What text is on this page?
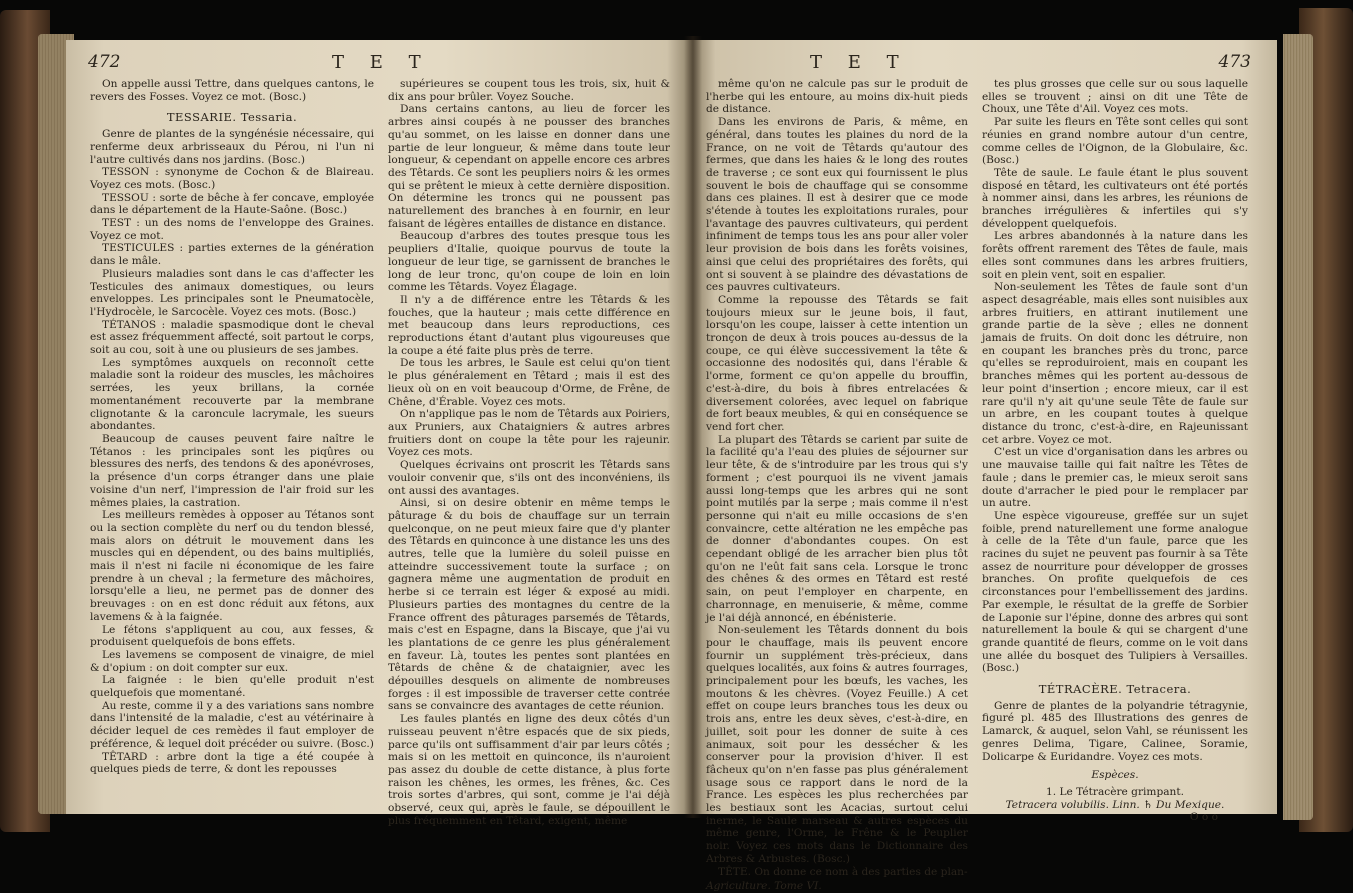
472	T E T

On appelle aussi Tettre, dans quelques cantons, le revers des Fosses. Voyez ce mot. (Bosc.)

TESSARIE. Tessaria.

Genre de plantes de la syngénésie nécessaire, qui renferme deux arbrisseaux du Pérou, ni l'un ni l'autre cultivés dans nos jardins. (Bosc.)

TESSON : synonyme de Cochon & de Blaireau. Voyez ces mots. (Bosc.)

TESSOU : sorte de bêche à fer concave, employée dans le département de la Haute-Saône. (Bosc.)

TEST : un des noms de l'enveloppe des Graines. Voyez ce mot.

TESTICULES : parties externes de la génération dans le mâle.

Plusieurs maladies sont dans le cas d'affecter les Testicules des animaux domestiques, ou leurs enveloppes. Les principales sont le Pneumatocèle, l'Hydrocèle, le Sarcocèle. Voyez ces mots. (Bosc.)

TÉTANOS : maladie spasmodique dont le cheval est assez fréquemment affecté, soit partout le corps, soit au cou, soit à une ou plusieurs de ses jambes.

Les symptômes auxquels on reconnoît cette maladie sont la roideur des muscles, les mâchoires serrées, les yeux brillans, la cornée momentanément recouverte par la membrane clignotante & la caroncule lacrymale, les sueurs abondantes.

Beaucoup de causes peuvent faire naître le Tétanos : les principales sont les piqûres ou blessures des nerfs, des tendons & des aponévroses, la présence d'un corps étranger dans une plaie voisine d'un nerf, l'impression de l'air froid sur les mêmes plaies, la castration.

Les meilleurs remèdes à opposer au Tétanos sont ou la section complète du nerf ou du tendon blessé, mais alors on détruit le mouvement dans les muscles qui en dépendent, ou des bains multipliés, mais il n'est ni facile ni économique de les faire prendre à un cheval ; la fermeture des mâchoires, lorsqu'elle a lieu, ne permet pas de donner des breuvages : on en est donc réduit aux fétons, aux lavemens & à la faignée.

Le fétons s'appliquent au cou, aux fesses, & produisent quelquefois de bons effets.

Les lavemens se composent de vinaigre, de miel & d'opium : on doit compter sur eux.

La faignée : le bien qu'elle produit n'est quelquefois que momentané.

Au reste, comme il y a des variations sans nombre dans l'intensité de la maladie, c'est au vétérinaire à décider lequel de ces remèdes il faut employer de préférence, & lequel doit précéder ou suivre. (Bosc.)

TÊTARD : arbre dont la tige a été coupée à quelques pieds de terre, & dont les repousses

supérieures se coupent tous les trois, six, huit & dix ans pour brûler. Voyez Souche.

Dans certains cantons, au lieu de forcer les arbres ainsi coupés à ne pousser des branches qu'au sommet, on les laisse en donner dans une partie de leur longueur, & même dans toute leur longueur, & cependant on appelle encore ces arbres des Têtards. Ce sont les peupliers noirs & les ormes qui se prêtent le mieux à cette dernière disposition. On détermine les troncs qui ne poussent pas naturellement des branches à en fournir, en leur faisant de légères entailles de distance en distance.

Beaucoup d'arbres des toutes presque tous les peupliers d'Italie, quoique pourvus de toute la longueur de leur tige, se garnissent de branches le long de leur tronc, qu'on coupe de loin en loin comme les Têtards. Voyez Élagage.

Il n'y a de différence entre les Têtards & les fouches, que la hauteur ; mais cette différence en met beaucoup dans leurs reproductions, ces reproductions étant d'autant plus vigoureuses que la coupe a été faite plus près de terre.

De tous les arbres, le Saule est celui qu'on tient le plus généralement en Têtard ; mais il est des lieux où on en voit beaucoup d'Orme, de Frêne, de Chêne, d'Érable. Voyez ces mots.

On n'applique pas le nom de Têtards aux Poiriers, aux Pruniers, aux Chataigniers & autres arbres fruitiers dont on coupe la tête pour les rajeunir. Voyez ces mots.

Quelques écrivains ont proscrit les Têtards sans vouloir convenir que, s'ils ont des inconvéniens, ils ont aussi des avantages.

Ainsi, si on desire obtenir en même temps le pâturage & du bois de chauffage sur un terrain quelconque, on ne peut mieux faire que d'y planter des Têtards en quinconce à une distance les uns des autres, telle que la lumière du soleil puisse en atteindre successivement toute la surface ; on gagnera même une augmentation de produit en herbe si ce terrain est léger & exposé au midi. Plusieurs parties des montagnes du centre de la France offrent des pâturages parsemés de Têtards, mais c'est en Espagne, dans la Biscaye, que j'ai vu les plantations de ce genre les plus généralement en faveur. Là, toutes les pentes sont plantées en Têtards de chêne & de chataignier, avec les dépouilles desquels on alimente de nombreuses forges : il est impossible de traverser cette contrée sans se convaincre des avantages de cette réunion.

Les faules plantés en ligne des deux côtés d'un ruisseau peuvent n'être espacés que de six pieds, parce qu'ils ont suffisamment d'air par leurs côtés ; mais si on les mettoit en quinconce, ils n'auroient pas assez du double de cette distance, à plus forte raison les chênes, les ormes, les frênes, &c. Ces trois sortes d'arbres, qui sont, comme je l'ai déjà observé, ceux qui, après le faule, se dépouillent le plus fréquemment en Têtard, exigent, même

T E T	473

même qu'on ne calcule pas sur le produit de l'herbe qui les entoure, au moins dix-huit pieds de distance.

Dans les environs de Paris, & même, en général, dans toutes les plaines du nord de la France, on ne voit de Têtards qu'autour des fermes, que dans les haies & le long des routes de traverse ; ce sont eux qui fournissent le plus souvent le bois de chauffage qui se consomme dans ces plaines. Il est à desirer que ce mode s'étende à toutes les exploitations rurales, pour l'avantage des pauvres cultivateurs, qui perdent infiniment de temps tous les ans pour aller voler leur provision de bois dans les forêts voisines, ainsi que celui des propriétaires des forêts, qui ont si souvent à se plaindre des dévastations de ces pauvres cultivateurs.

Comme la repousse des Têtards se fait toujours mieux sur le jeune bois, il faut, lorsqu'on les coupe, laisser à cette intention un tronçon de deux à trois pouces au-dessus de la coupe, ce qui élève successivement la tête & occasionne des nodosités qui, dans l'érable & l'orme, forment ce qu'on appelle du brouffin, c'est-à-dire, du bois à fibres entrelacées & diversement colorées, avec lequel on fabrique de fort beaux meubles, & qui en conséquence se vend fort cher.

La plupart des Têtards se carient par suite de la facilité qu'a l'eau des pluies de séjourner sur leur tête, & de s'introduire par les trous qui s'y forment ; c'est pourquoi ils ne vivent jamais aussi long-temps que les arbres qui ne sont point mutilés par la serpe ; mais comme il n'est personne qui n'ait eu mille occasions de s'en convaincre, cette altération ne les empêche pas de donner d'abondantes coupes. On est cependant obligé de les arracher bien plus tôt qu'on ne l'eût fait sans cela. Lorsque le tronc des chênes & des ormes en Têtard est resté sain, on peut l'employer en charpente, en charronnage, en menuiserie, & même, comme je l'ai déjà annoncé, en ébénisterie.

Non-seulement les Têtards donnent du bois pour le chauffage, mais ils peuvent encore fournir un supplément très-précieux, dans quelques localités, aux foins & autres fourrages, principalement pour les bœufs, les vaches, les moutons & les chèvres. (Voyez Feuille.) A cet effet on coupe leurs branches tous les deux ou trois ans, entre les deux sèves, c'est-à-dire, en juillet, soit pour les donner de suite à ces animaux, soit pour les dessécher & les conserver pour la provision d'hiver. Il est fâcheux qu'on n'en fasse pas plus généralement usage sous ce rapport dans le nord de la France. Les espèces les plus recherchées par les bestiaux sont les Acacias, surtout celui inerme, le Saule marseau & autres espèces du même genre, l'Orme, le Frêne & le Peuplier noir. Voyez ces mots dans le Dictionnaire des Arbres & Arbustes. (Bosc.)

TÊTE. On donne ce nom à des parties de plan-

Agriculture. Tome VI.

tes plus grosses que celle sur ou sous laquelle elles se trouvent ; ainsi on dit une Tête de Choux, une Tête d'Ail. Voyez ces mots.

Par suite les fleurs en Tête sont celles qui sont réunies en grand nombre autour d'un centre, comme celles de l'Oignon, de la Globulaire, &c. (Bosc.)

Tête de saule. Le faule étant le plus souvent disposé en têtard, les cultivateurs ont été portés à nommer ainsi, dans les arbres, les réunions de branches irrégulières & infertiles qui s'y développent quelquefois.

Les arbres abandonnés à la nature dans les forêts offrent rarement des Têtes de faule, mais elles sont communes dans les arbres fruitiers, soit en plein vent, soit en espalier.

Non-seulement les Têtes de faule sont d'un aspect desagréable, mais elles sont nuisibles aux arbres fruitiers, en attirant inutilement une grande partie de la sève ; elles ne donnent jamais de fruits. On doit donc les détruire, non en coupant les branches près du tronc, parce qu'elles se reproduiroient, mais en coupant les branches mêmes qui les portent au-dessous de leur point d'insertion ; encore mieux, car il est rare qu'il n'y ait qu'une seule Tête de faule sur un arbre, en les coupant toutes à quelque distance du tronc, c'est-à-dire, en Rajeunissant cet arbre. Voyez ce mot.

C'est un vice d'organisation dans les arbres ou une mauvaise taille qui fait naître les Têtes de faule ; dans le premier cas, le mieux seroit sans doute d'arracher le pied pour le remplacer par un autre.

Une espèce vigoureuse, greffée sur un sujet foible, prend naturellement une forme analogue à celle de la Tête d'un faule, parce que les racines du sujet ne peuvent pas fournir à sa Tête assez de nourriture pour développer de grosses branches. On profite quelquefois de ces circonstances pour l'embellissement des jardins. Par exemple, le résultat de la greffe de Sorbier de Laponie sur l'épine, donne des arbres qui sont naturellement la boule & qui se chargent d'une grande quantité de fleurs, comme on le voit dans une allée du bosquet des Tulipiers à Versailles. (Bosc.)

TÉTRACÈRE. Tetracera.

Genre de plantes de la polyandrie tétragynie, figuré pl. 485 des Illustrations des genres de Lamarck, & auquel, selon Vahl, se réunissent les genres Delima, Tigare, Calinee, Soramie, Dolicarpe & Euridandre. Voyez ces mots.

Espèces.

1. Le Tétracère grimpant.

Tetracera volubilis. Linn. ♄ Du Mexique.

O o o
